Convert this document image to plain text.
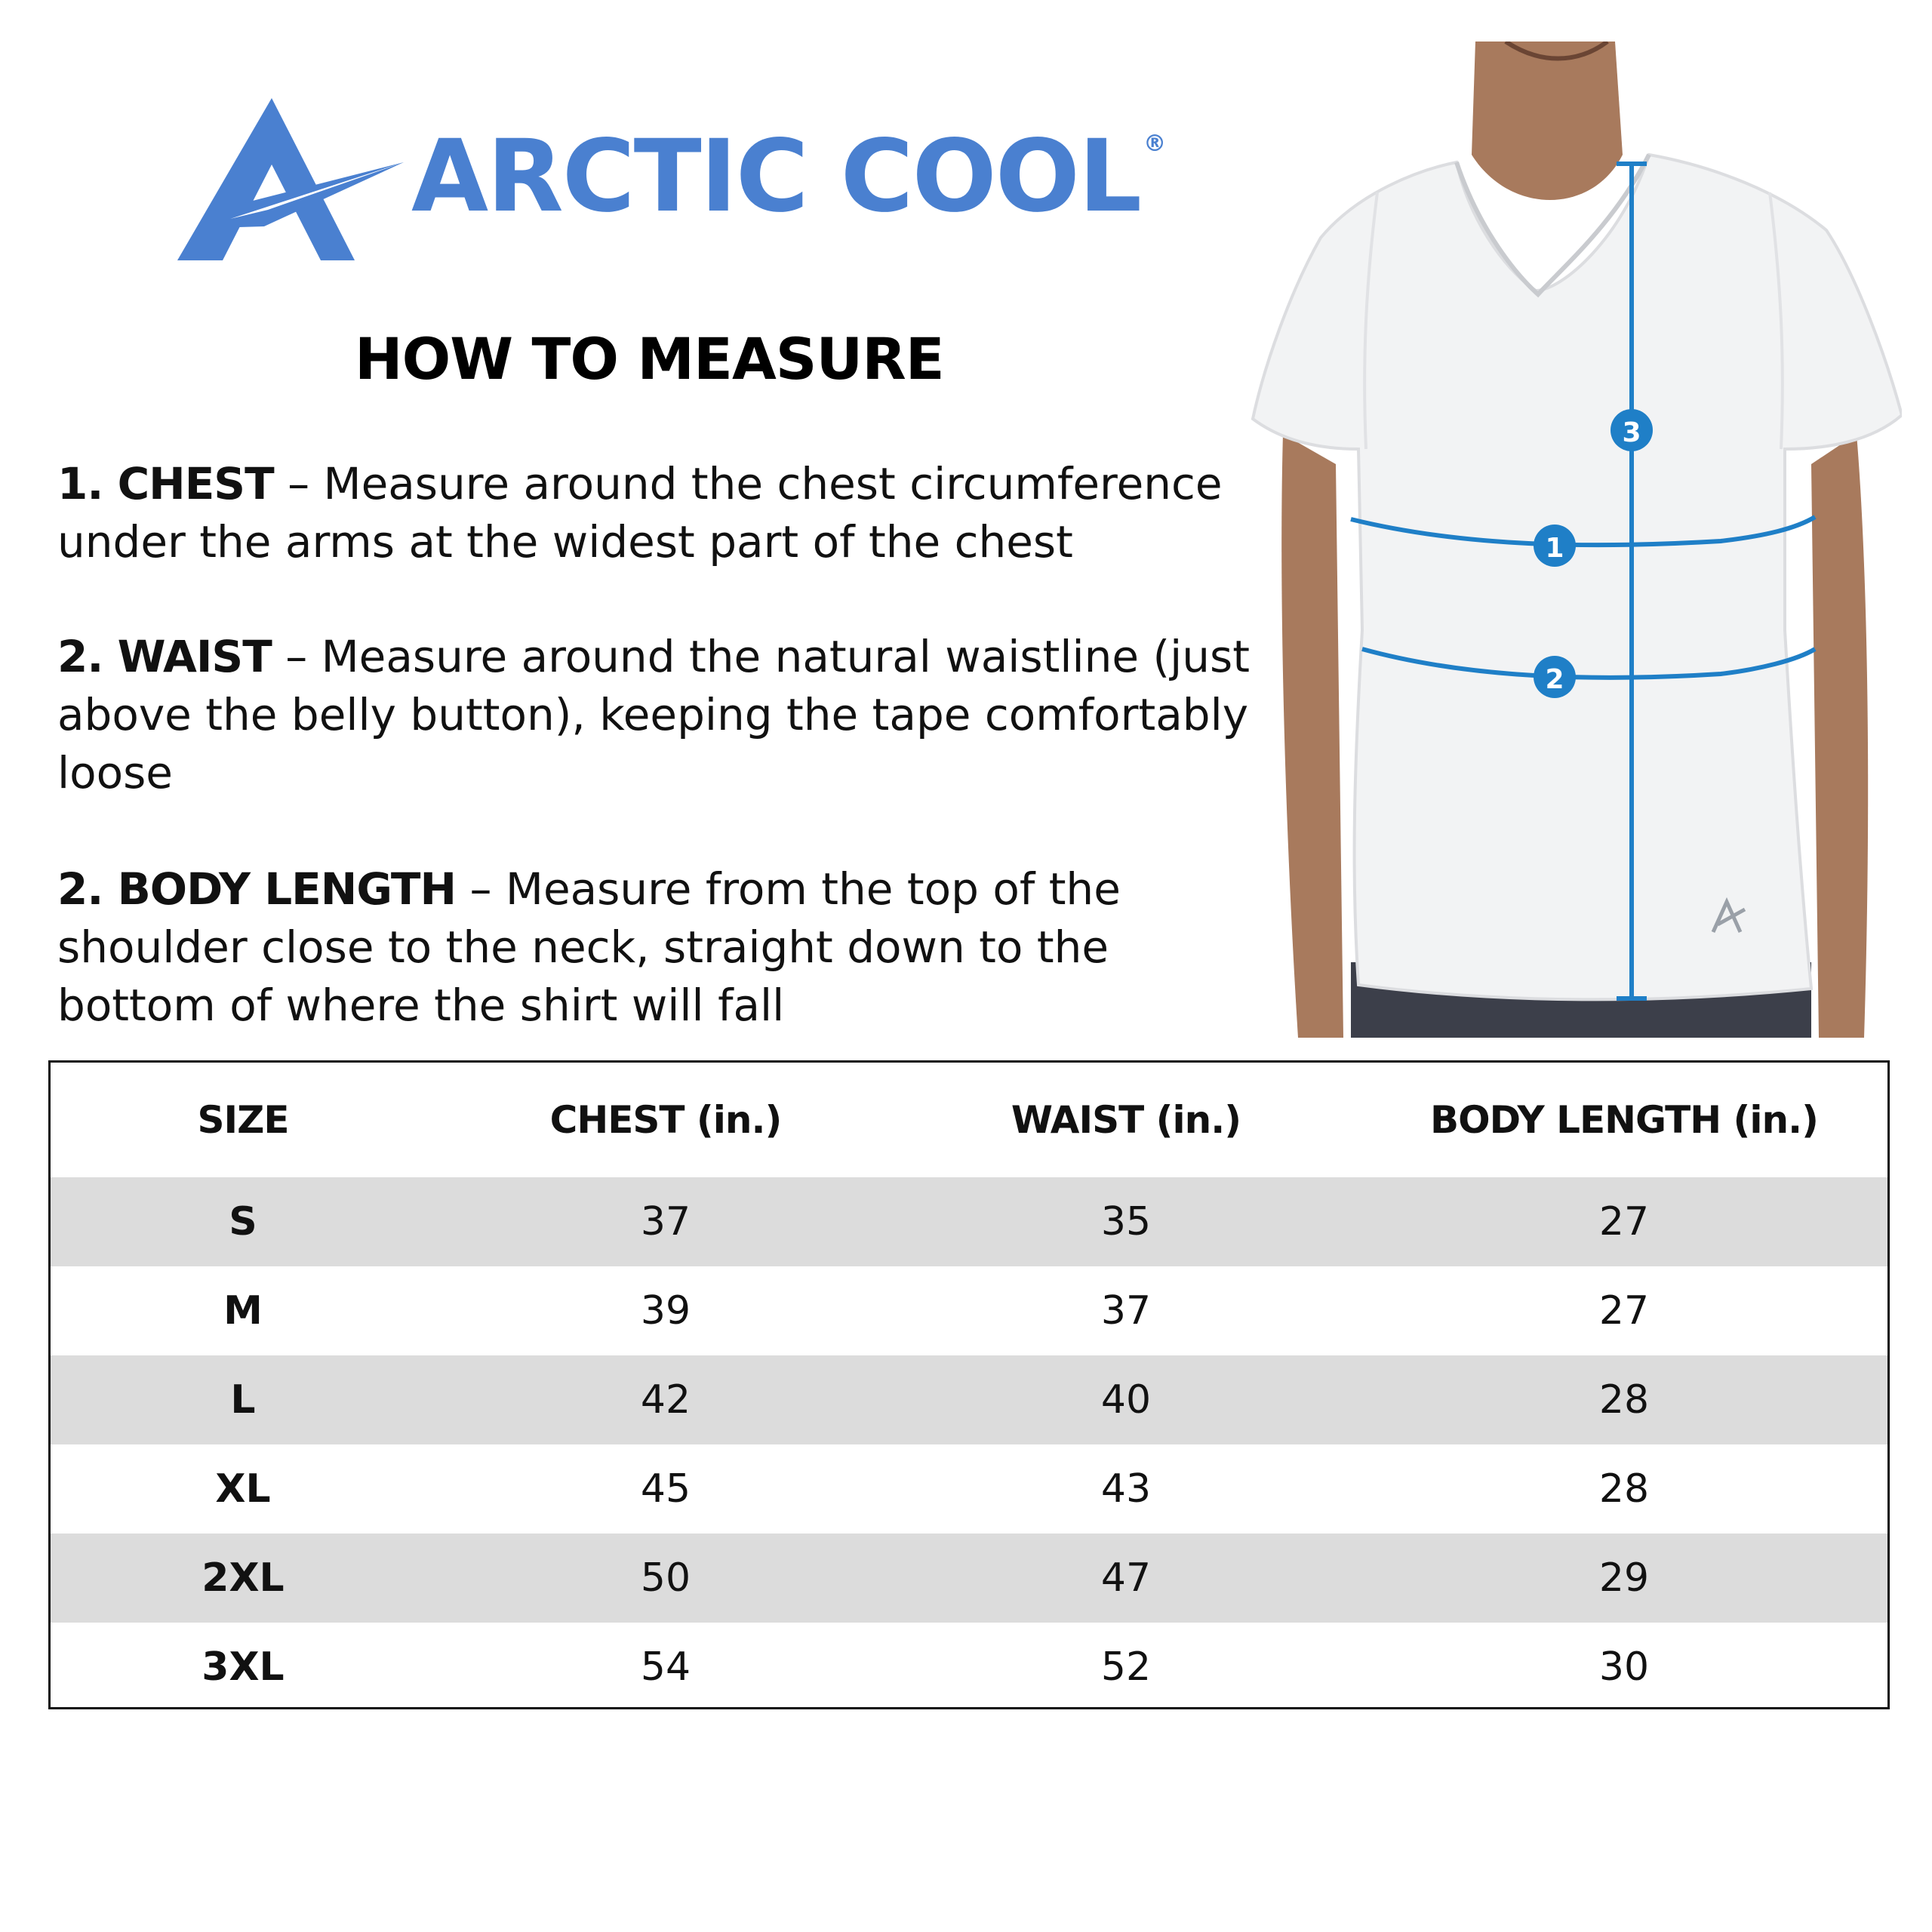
ARCTIC COOL ®
HOW TO MEASURE
1. CHEST – Measure around the chest circumference under the arms at the widest part of the chest
2. WAIST – Measure around the natural waistline (just above the belly button), keeping the tape comfortably loose
2. BODY LENGTH – Measure from the top of the shoulder close to the neck, straight down to the bottom of where the shirt will fall
3
1
2
SIZE	CHEST (in.)	WAIST (in.)	BODY LENGTH (in.)
S	37	35	27
M	39	37	27
L	42	40	28
XL	45	43	28
2XL	50	47	29
3XL	54	52	30
